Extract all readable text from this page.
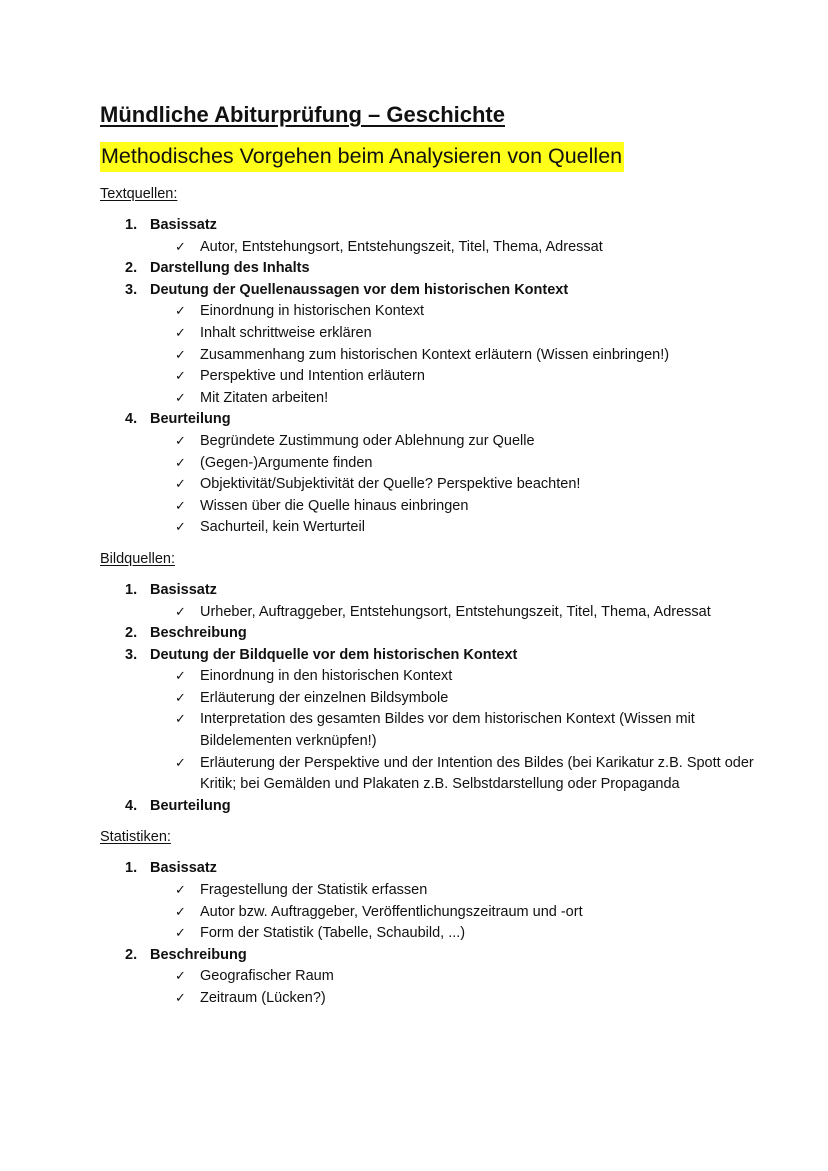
Mündliche Abiturprüfung – Geschichte
Methodisches Vorgehen beim Analysieren von Quellen
Textquellen:
1. Basissatz
✓ Autor, Entstehungsort, Entstehungszeit, Titel, Thema, Adressat
2. Darstellung des Inhalts
3. Deutung der Quellenaussagen vor dem historischen Kontext
✓ Einordnung in historischen Kontext
✓ Inhalt schrittweise erklären
✓ Zusammenhang zum historischen Kontext erläutern (Wissen einbringen!)
✓ Perspektive und Intention erläutern
✓ Mit Zitaten arbeiten!
4. Beurteilung
✓ Begründete Zustimmung oder Ablehnung zur Quelle
✓ (Gegen-)Argumente finden
✓ Objektivität/Subjektivität der Quelle? Perspektive beachten!
✓ Wissen über die Quelle hinaus einbringen
✓ Sachurteil, kein Werturteil
Bildquellen:
1. Basissatz
✓ Urheber, Auftraggeber, Entstehungsort, Entstehungszeit, Titel, Thema, Adressat
2. Beschreibung
3. Deutung der Bildquelle vor dem historischen Kontext
✓ Einordnung in den historischen Kontext
✓ Erläuterung der einzelnen Bildsymbole
✓ Interpretation des gesamten Bildes vor dem historischen Kontext (Wissen mit Bildelementen verknüpfen!)
✓ Erläuterung der Perspektive und der Intention des Bildes (bei Karikatur z.B. Spott oder Kritik; bei Gemälden und Plakaten z.B. Selbstdarstellung oder Propaganda
4. Beurteilung
Statistiken:
1. Basissatz
✓ Fragestellung der Statistik erfassen
✓ Autor bzw. Auftraggeber, Veröffentlichungszeitraum und -ort
✓ Form der Statistik (Tabelle, Schaubild, ...)
2. Beschreibung
✓ Geografischer Raum
✓ Zeitraum (Lücken?)
